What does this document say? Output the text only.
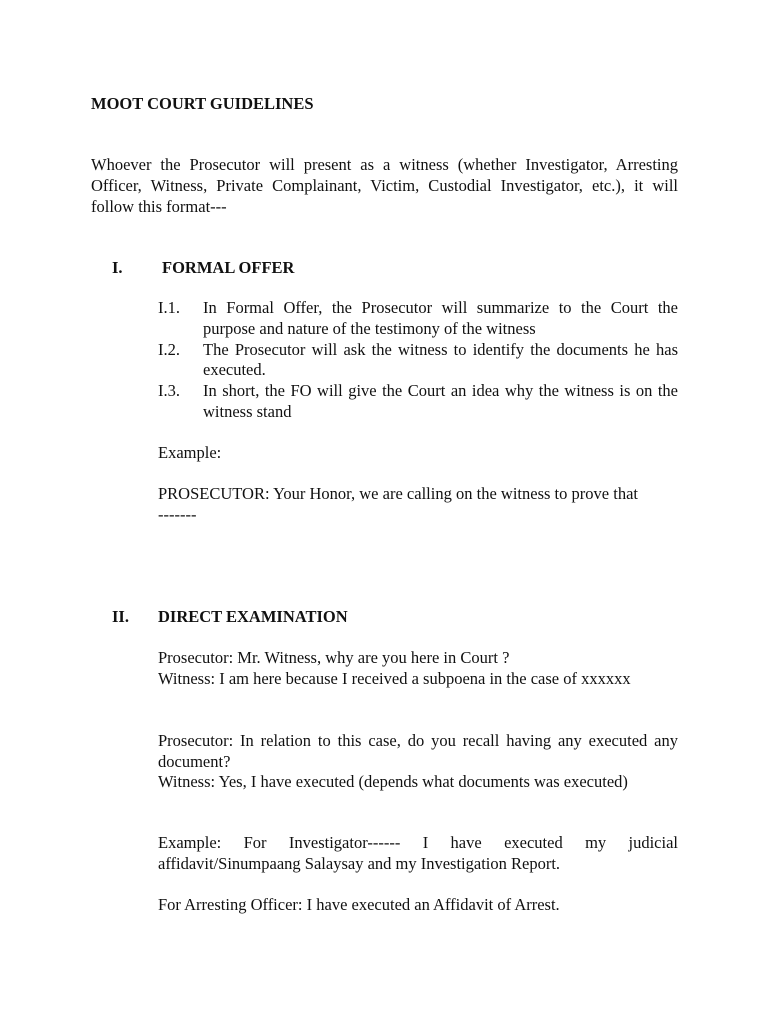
MOOT COURT GUIDELINES
Whoever the Prosecutor will present as a witness (whether Investigator, Arresting Officer, Witness, Private Complainant, Victim, Custodial Investigator, etc.), it will follow this format---
I. FORMAL OFFER
I.1.	In Formal Offer, the Prosecutor will summarize to the Court the purpose and nature of the testimony of the witness
I.2.	The Prosecutor will ask the witness to identify the documents he has executed.
I.3.	In short, the FO will give the Court an idea why the witness is on the witness stand
Example:
PROSECUTOR: Your Honor, we are calling on the witness to prove that -------
II. DIRECT EXAMINATION
Prosecutor: Mr. Witness, why are you here in Court ?
Witness: I am here because I received a subpoena in the case of xxxxxx
Prosecutor: In relation to this case, do you recall having any executed any document?
Witness: Yes, I have executed (depends what documents was executed)
Example: For Investigator------ I have executed my judicial affidavit/Sinumpaang Salaysay and my Investigation Report.
For Arresting Officer: I have executed an Affidavit of Arrest.
